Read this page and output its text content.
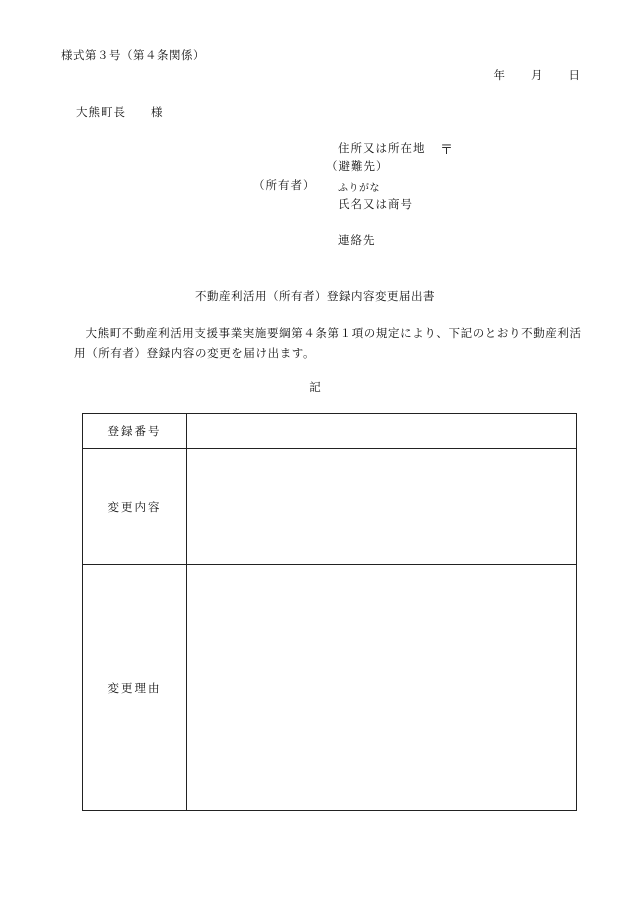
様式第３号（第４条関係）
年 月 日
大熊町長　　様
住所又は所在地 〒
（避難先）
（所有者） ふりがな
氏名又は商号
連絡先
不動産利活用（所有者）登録内容変更届出書
大熊町不動産利活用支援事業実施要綱第４条第１項の規定により、下記のとおり不動産利活用（所有者）登録内容の変更を届け出ます。
記
登録番号	
変更内容	
変更理由	
